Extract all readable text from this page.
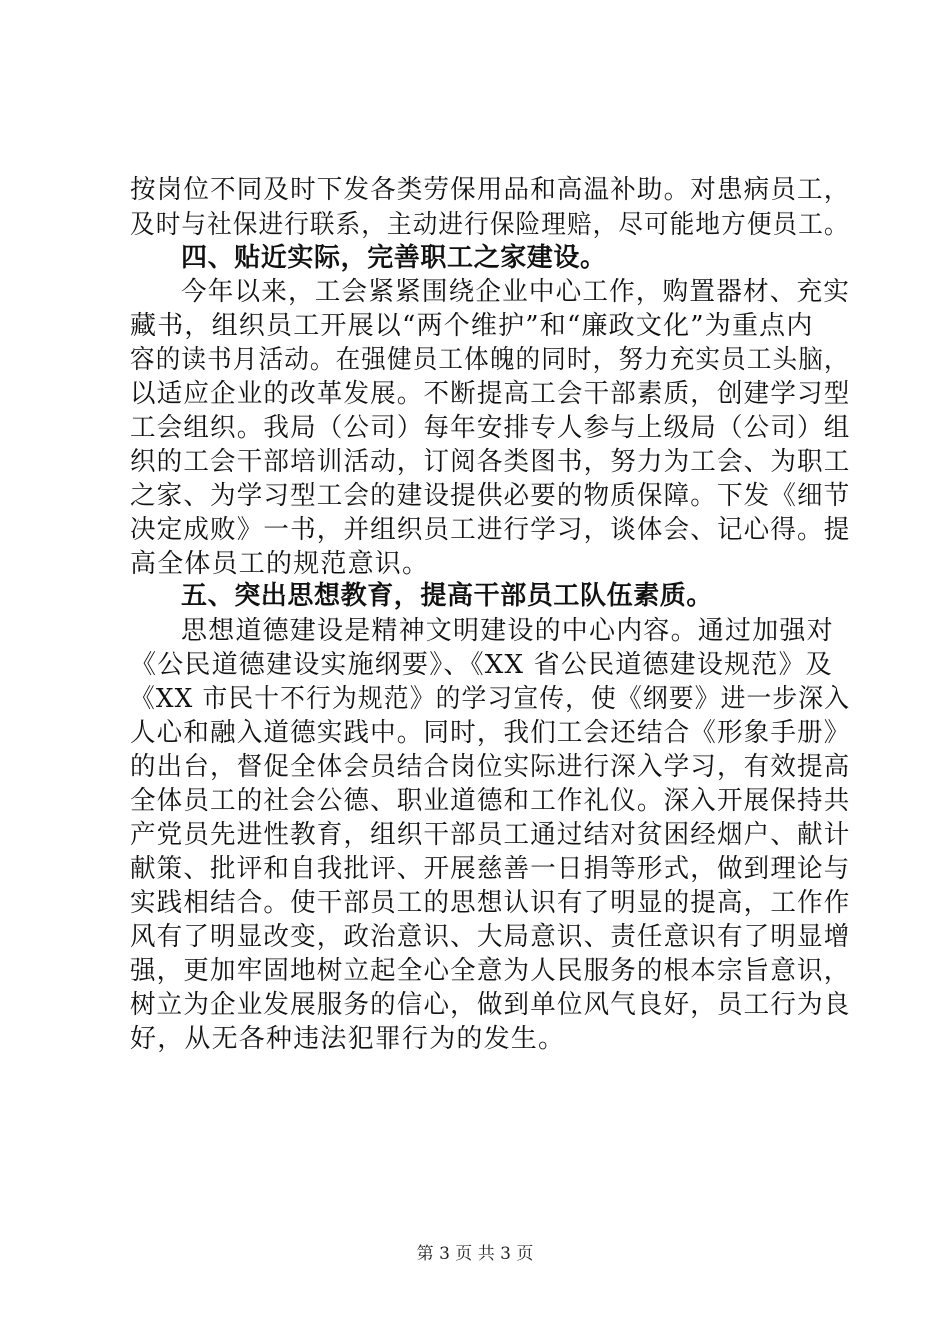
按岗位不同及时下发各类劳保用品和高温补助。对患病员工，
及时与社保进行联系，主动进行保险理赔，尽可能地方便员工。
四、贴近实际，完善职工之家建设。
今年以来，工会紧紧围绕企业中心工作，购置器材、充实
藏书，组织员工开展以“两个维护”和“廉政文化”为重点内
容的读书月活动。在强健员工体魄的同时，努力充实员工头脑，
以适应企业的改革发展。不断提高工会干部素质，创建学习型
工会组织。我局（公司）每年安排专人参与上级局（公司）组
织的工会干部培训活动，订阅各类图书，努力为工会、为职工
之家、为学习型工会的建设提供必要的物质保障。下发《细节
决定成败》一书，并组织员工进行学习，谈体会、记心得。提
高全体员工的规范意识。
五、突出思想教育，提高干部员工队伍素质。
思想道德建设是精神文明建设的中心内容。通过加强对
《公民道德建设实施纲要》、《XX 省公民道德建设规范》及
《XX 市民十不行为规范》的学习宣传，使《纲要》进一步深入
人心和融入道德实践中。同时，我们工会还结合《形象手册》
的出台，督促全体会员结合岗位实际进行深入学习，有效提高
全体员工的社会公德、职业道德和工作礼仪。深入开展保持共
产党员先进性教育，组织干部员工通过结对贫困经烟户、献计
献策、批评和自我批评、开展慈善一日捐等形式，做到理论与
实践相结合。使干部员工的思想认识有了明显的提高，工作作
风有了明显改变，政治意识、大局意识、责任意识有了明显增
强，更加牢固地树立起全心全意为人民服务的根本宗旨意识，
树立为企业发展服务的信心，做到单位风气良好，员工行为良
好，从无各种违法犯罪行为的发生。
第 3 页 共 3 页
